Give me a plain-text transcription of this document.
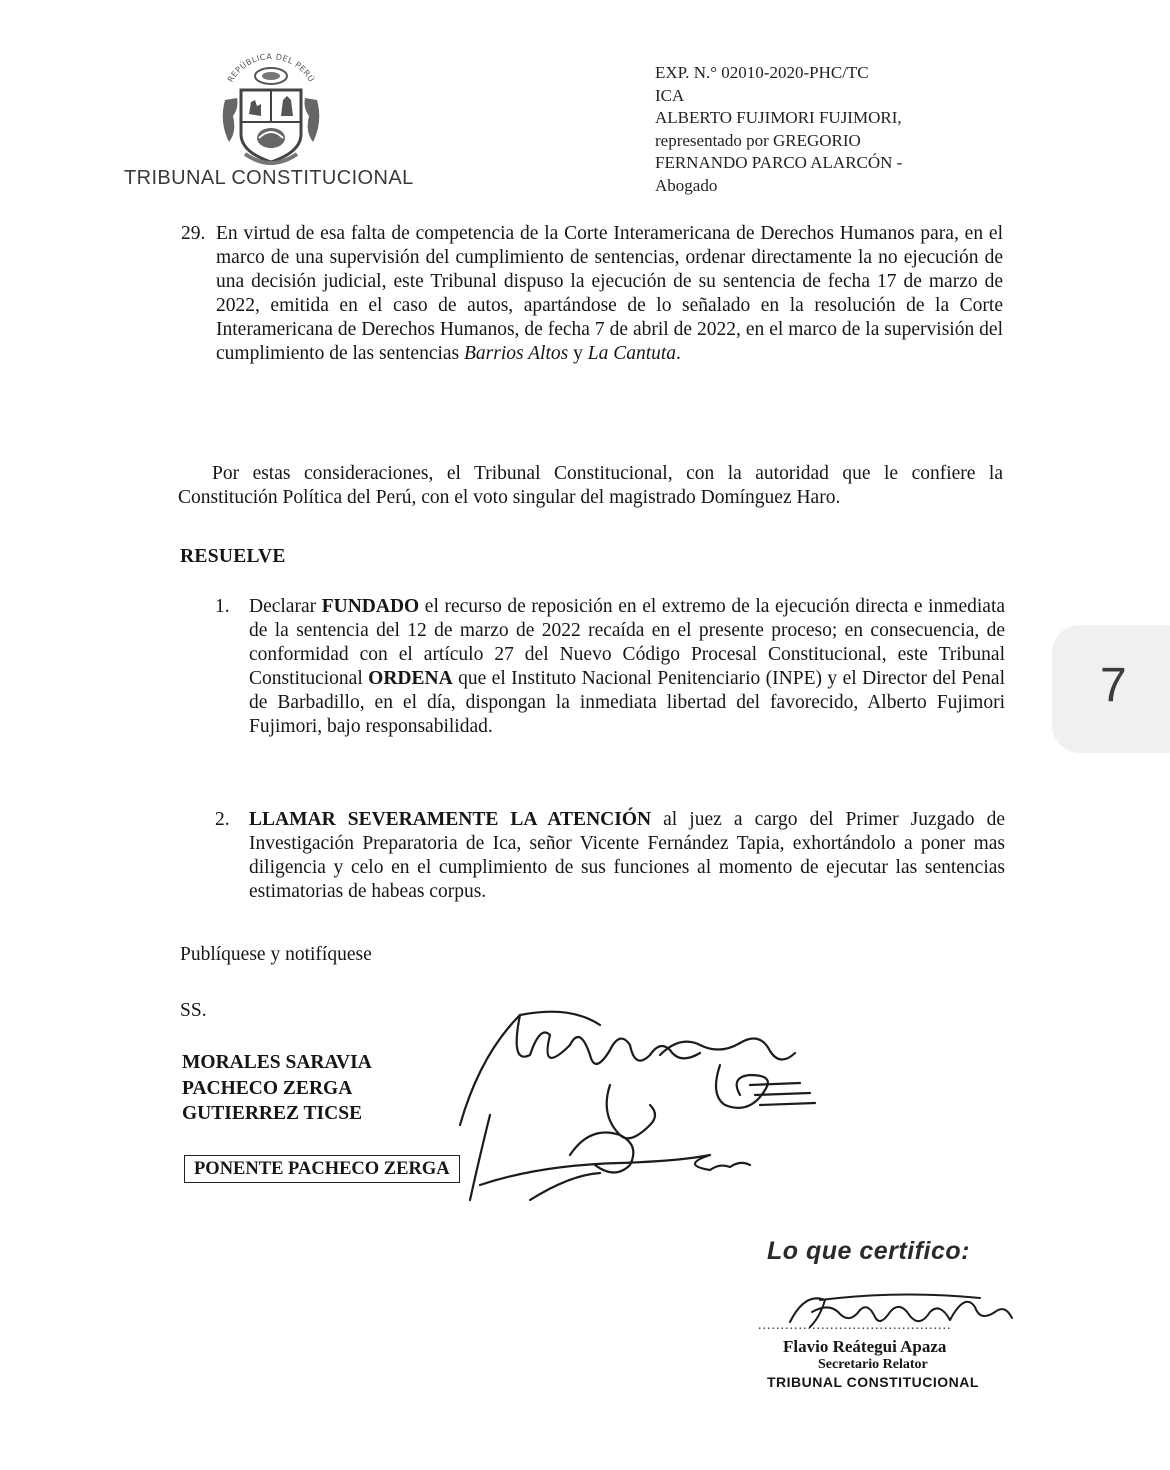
REPÚBLICA DEL PERÚ
TRIBUNAL CONSTITUCIONAL
EXP. N.° 02010-2020-PHC/TC
ICA
ALBERTO FUJIMORI FUJIMORI,
representado por GREGORIO
FERNANDO PARCO ALARCÓN -
Abogado
29. En virtud de esa falta de competencia de la Corte Interamericana de Derechos Humanos para, en el marco de una supervisión del cumplimiento de sentencias, ordenar directamente la no ejecución de una decisión judicial, este Tribunal dispuso la ejecución de su sentencia de fecha 17 de marzo de 2022, emitida en el caso de autos, apartándose de lo señalado en la resolución de la Corte Interamericana de Derechos Humanos, de fecha 7 de abril de 2022, en el marco de la supervisión del cumplimiento de las sentencias Barrios Altos y La Cantuta.
Por estas consideraciones, el Tribunal Constitucional, con la autoridad que le confiere la Constitución Política del Perú, con el voto singular del magistrado Domínguez Haro.
RESUELVE
1. Declarar FUNDADO el recurso de reposición en el extremo de la ejecución directa e inmediata de la sentencia del 12 de marzo de 2022 recaída en el presente proceso; en consecuencia, de conformidad con el artículo 27 del Nuevo Código Procesal Constitucional, este Tribunal Constitucional ORDENA que el Instituto Nacional Penitenciario (INPE) y el Director del Penal de Barbadillo, en el día, dispongan la inmediata libertad del favorecido, Alberto Fujimori Fujimori, bajo responsabilidad.
2. LLAMAR SEVERAMENTE LA ATENCIÓN al juez a cargo del Primer Juzgado de Investigación Preparatoria de Ica, señor Vicente Fernández Tapia, exhortándolo a poner mas diligencia y celo en el cumplimiento de sus funciones al momento de ejecutar las sentencias estimatorias de habeas corpus.
Publíquese y notifíquese
SS.
MORALES SARAVIA
PACHECO ZERGA
GUTIERREZ TICSE
PONENTE PACHECO ZERGA
Lo que certifico:
...........................................
Flavio Reátegui Apaza
Secretario Relator
TRIBUNAL CONSTITUCIONAL
7
